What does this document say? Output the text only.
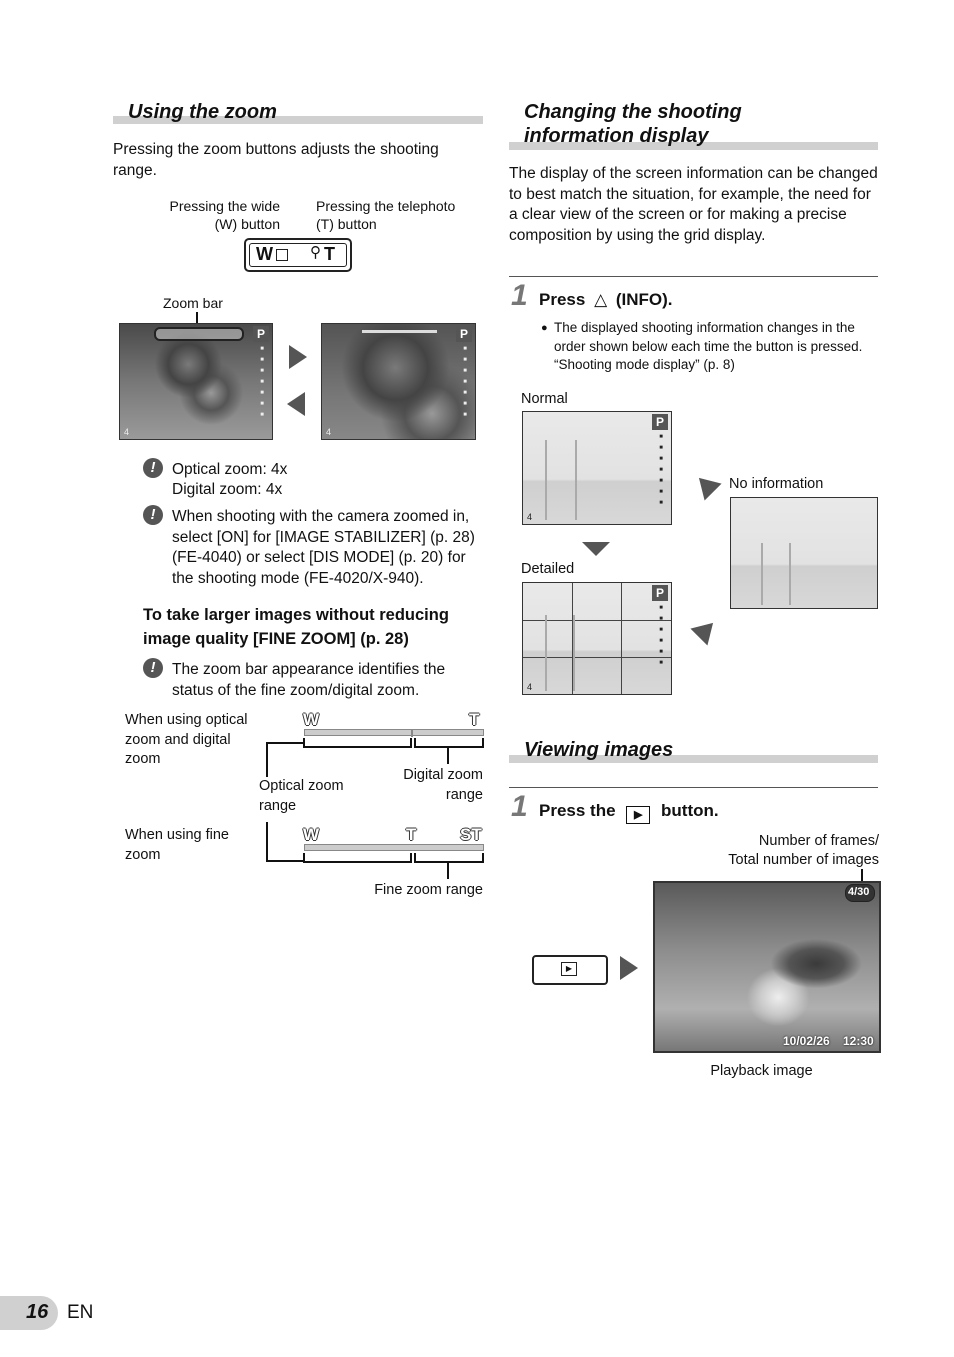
Using the zoom
Pressing the zoom buttons adjusts the shooting range.
Pressing the wide (W) button
Pressing the telephoto (T) button
W ⚲ T
Zoom bar
P
■
■
■
■
■
■
■
4
P
■
■
■
■
■
■
■
4
!	Optical zoom: 4x
Digital zoom: 4x
!	When shooting with the camera zoomed in, select [ON] for [IMAGE STABILIZER] (p. 28) (FE-4040) or select [DIS MODE] (p. 20) for the shooting mode (FE-4020/X-940).
To take larger images without reducing image quality [FINE ZOOM] (p. 28)
!	The zoom bar appearance identifies the status of the fine zoom/digital zoom.
When using optical zoom and digital zoom
W	T
Optical zoom range
Digital zoom range
When using fine zoom
W	T	ST
Fine zoom range
Changing the shooting
information display
The display of the screen information can be changed to best match the situation, for example, the need for a clear view of the screen or for making a precise composition by using the grid display.
1 Press △ (INFO).
● The displayed shooting information changes in the order shown below each time the button is pressed. “Shooting mode display” (p. 8)
Normal
P
■
■
■
■
■
■
■
4
No information
Detailed
P
■
■
■
■
■
■
4
Viewing images
1 Press the ▶ button.
Number of frames/
Total number of images
▶
4/30
10/02/26 12:30
Playback image
16 EN
